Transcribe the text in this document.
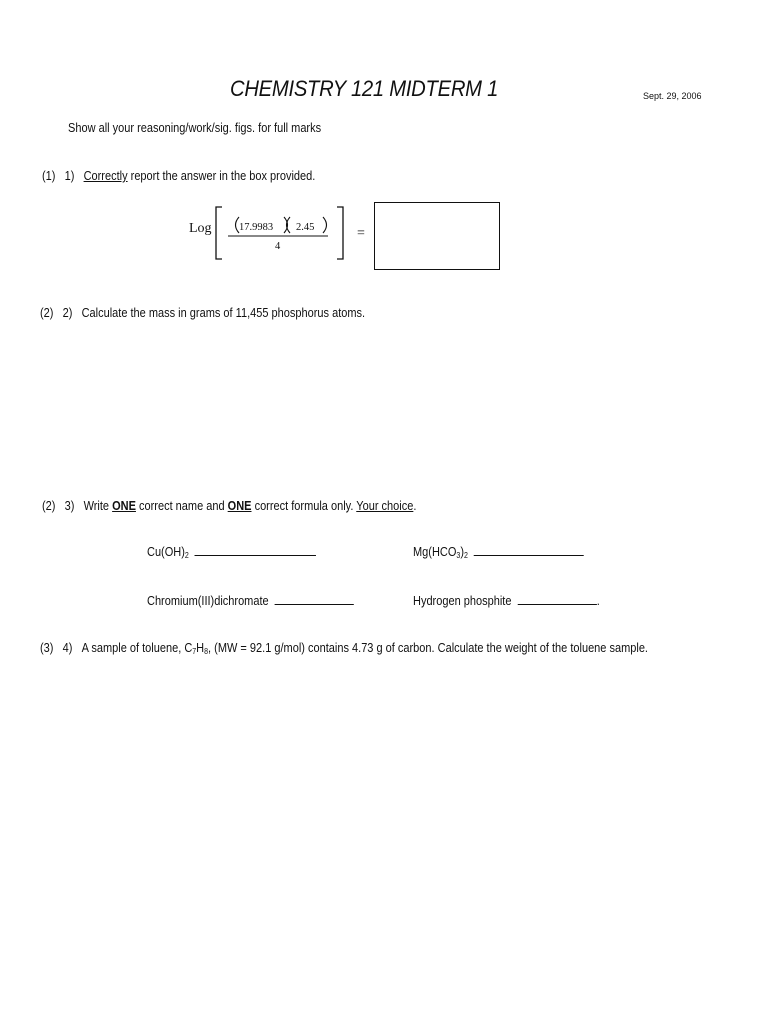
CHEMISTRY 121 MIDTERM 1	Sept. 29, 2006
Show all your reasoning/work/sig. figs. for full marks
(1) 1) Correctly report the answer in the box provided.
Log	17.9983 2.45
4
=
(2) 2) Calculate the mass in grams of 11,455 phosphorus atoms.
(2) 3) Write ONE correct name and ONE correct formula only. Your choice.
$Cu(OH)_2$	$Mg(HCO_3)_2$
Chromium(III)dichromate	Hydrogen phosphite	.
(3) 4) A sample of toluene, $C_7H_8$, (MW = 92.1 g/mol) contains 4.73 g of carbon. Calculate the weight of the toluene sample.
